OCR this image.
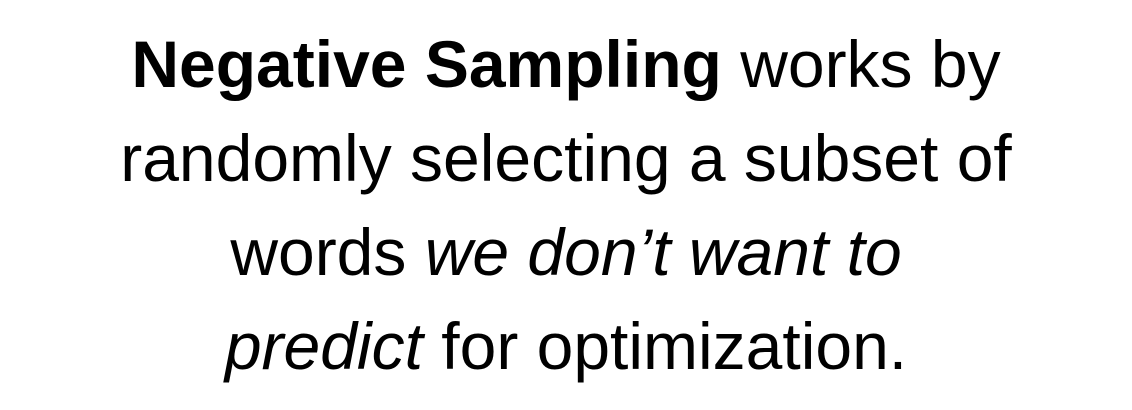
Negative Sampling works by
randomly selecting a subset of
words we don’t want to
predict for optimization.
